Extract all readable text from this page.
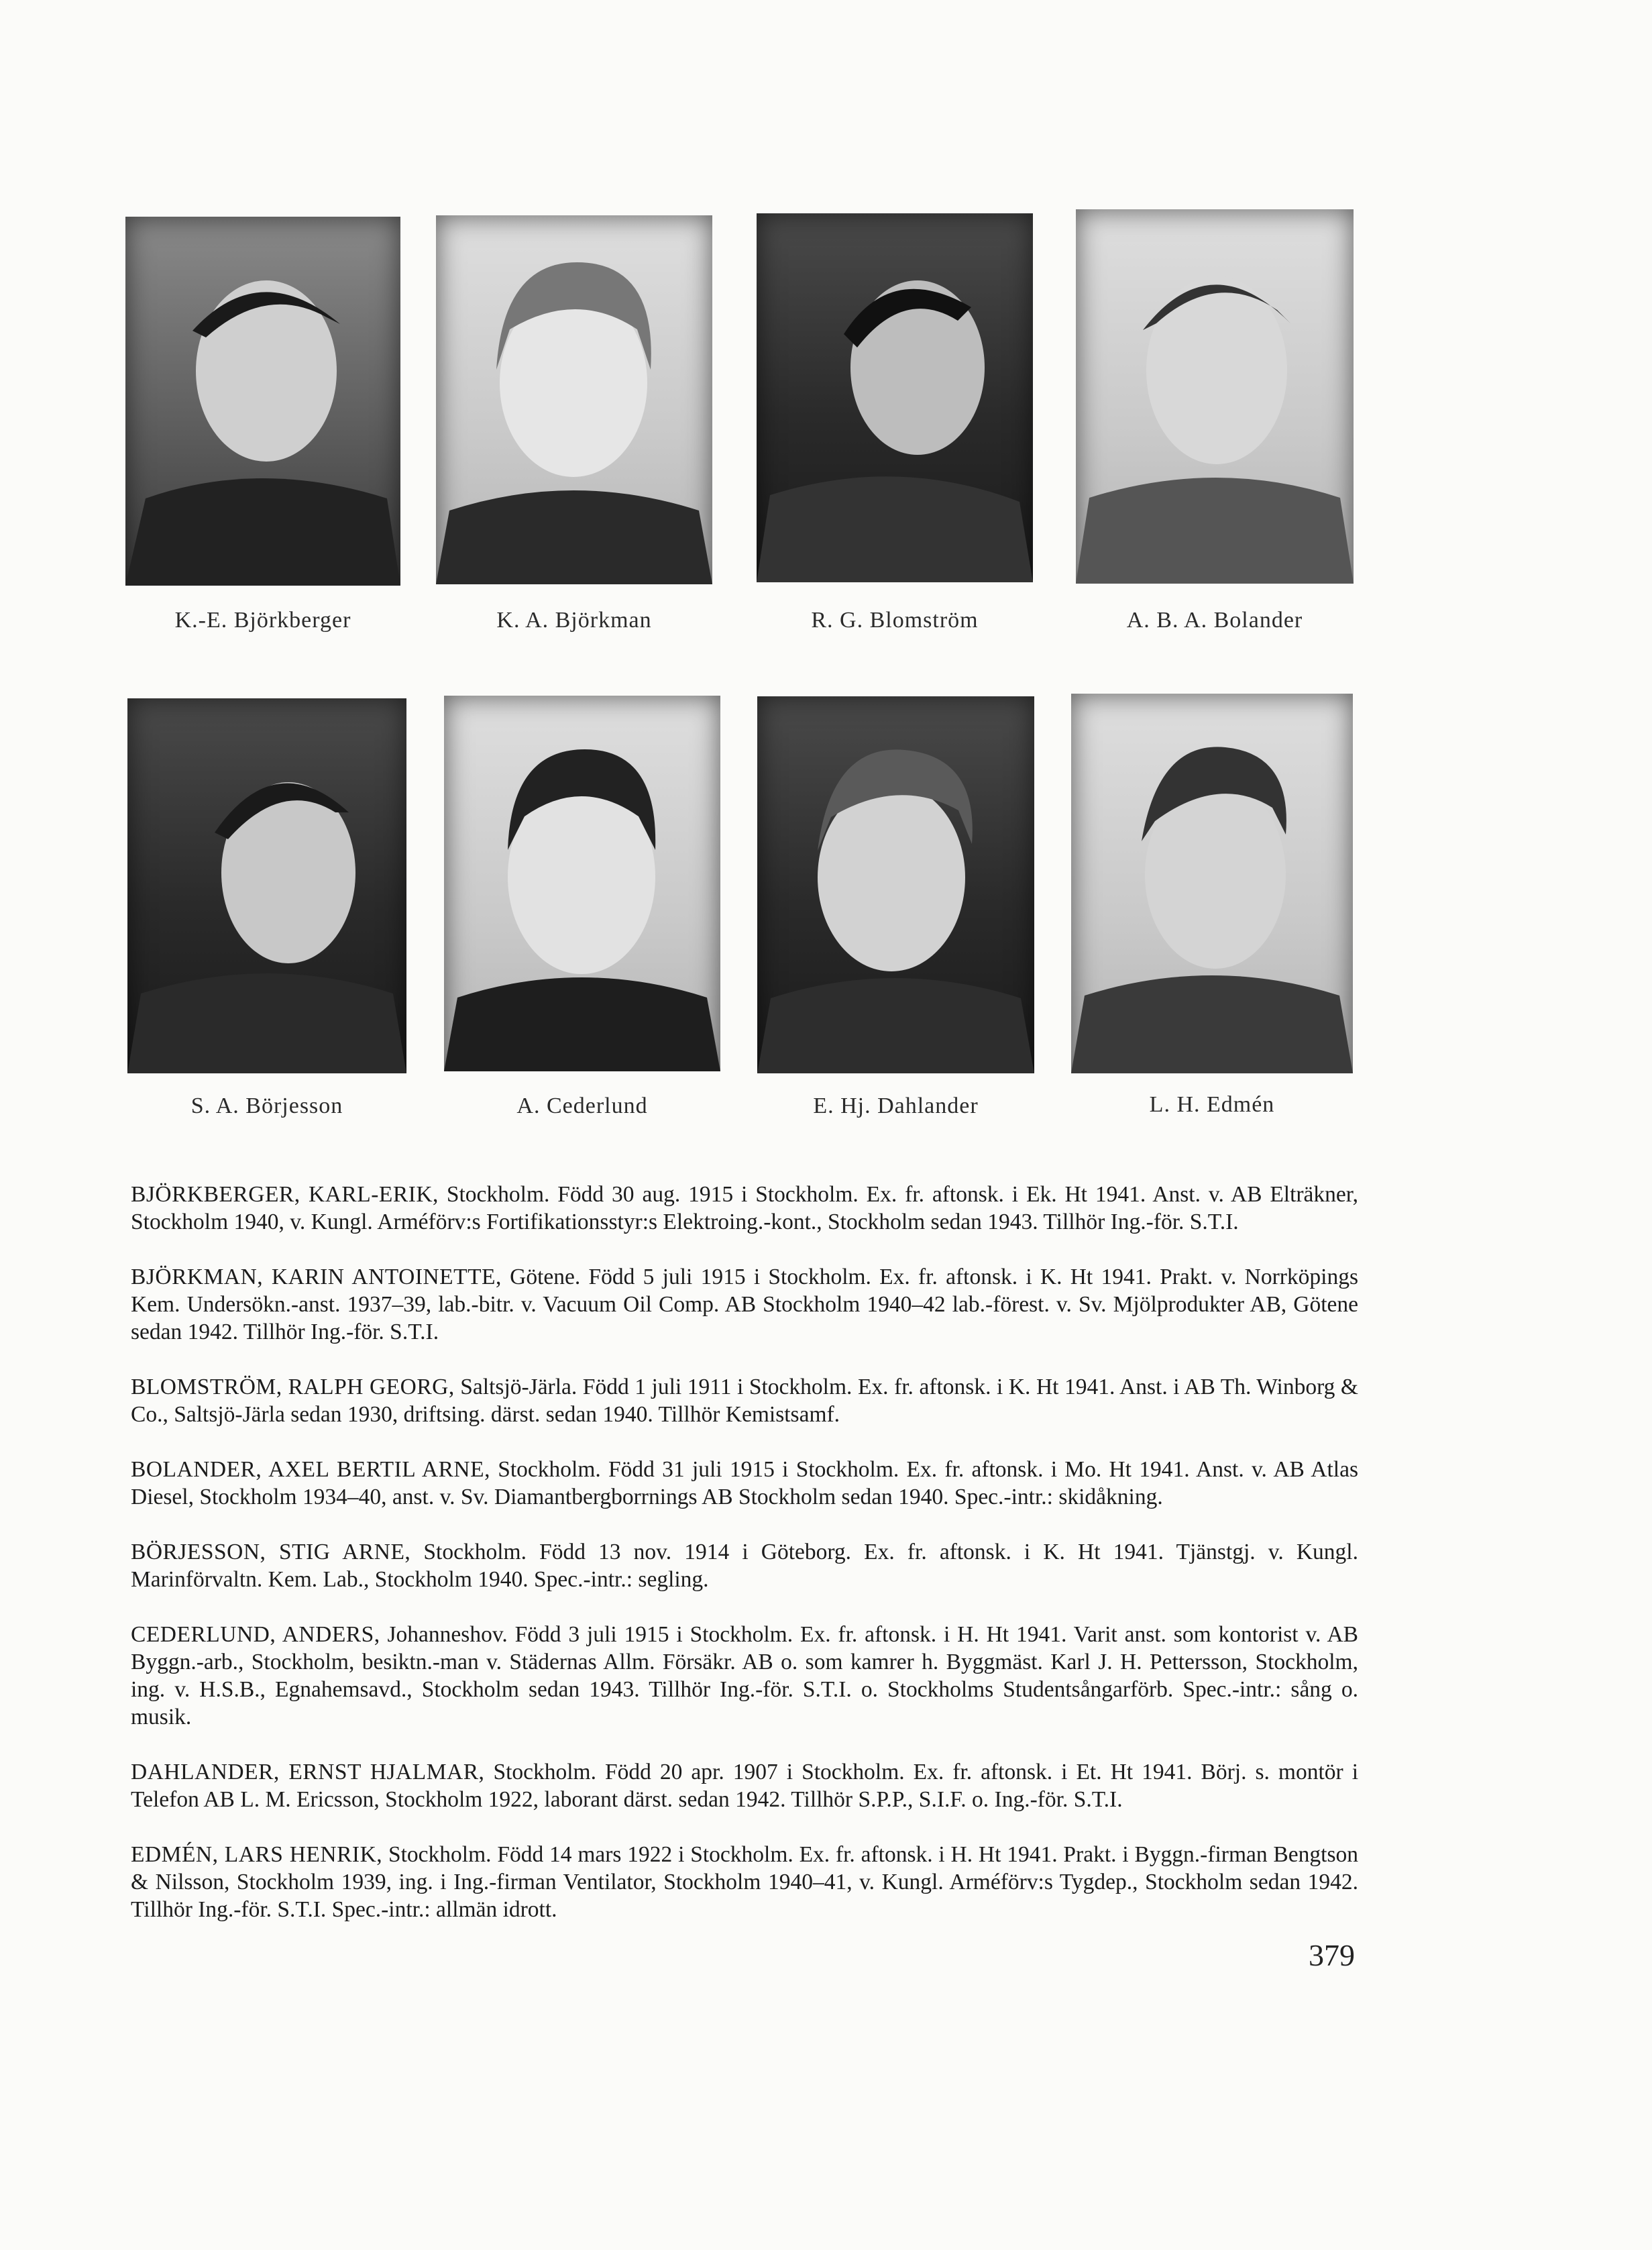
K.-E. Björkberger	K. A. Björkman	R. G. Blomström	A. B. A. Bolander
S. A. Börjesson	A. Cederlund	E. Hj. Dahlander	L. H. Edmén

BJÖRKBERGER, KARL-ERIK, Stockholm. Född 30 aug. 1915 i Stockholm. Ex. fr. aftonsk. i Ek. Ht 1941. Anst. v. AB Elträkner, Stockholm 1940, v. Kungl. Arméförv:s Fortifikationsstyr:s Elektroing.-kont., Stockholm sedan 1943. Tillhör Ing.-för. S.T.I.

BJÖRKMAN, KARIN ANTOINETTE, Götene. Född 5 juli 1915 i Stockholm. Ex. fr. aftonsk. i K. Ht 1941. Prakt. v. Norrköpings Kem. Undersökn.-anst. 1937–39, lab.-bitr. v. Vacuum Oil Comp. AB Stockholm 1940–42 lab.-förest. v. Sv. Mjölprodukter AB, Götene sedan 1942. Tillhör Ing.-för. S.T.I.

BLOMSTRÖM, RALPH GEORG, Saltsjö-Järla. Född 1 juli 1911 i Stockholm. Ex. fr. aftonsk. i K. Ht 1941. Anst. i AB Th. Winborg & Co., Saltsjö-Järla sedan 1930, driftsing. därst. sedan 1940. Tillhör Kemistsamf.

BOLANDER, AXEL BERTIL ARNE, Stockholm. Född 31 juli 1915 i Stockholm. Ex. fr. aftonsk. i Mo. Ht 1941. Anst. v. AB Atlas Diesel, Stockholm 1934–40, anst. v. Sv. Diamantbergborrnings AB Stockholm sedan 1940. Spec.-intr.: skidåkning.

BÖRJESSON, STIG ARNE, Stockholm. Född 13 nov. 1914 i Göteborg. Ex. fr. aftonsk. i K. Ht 1941. Tjänstgj. v. Kungl. Marinförvaltn. Kem. Lab., Stockholm 1940. Spec.-intr.: segling.

CEDERLUND, ANDERS, Johanneshov. Född 3 juli 1915 i Stockholm. Ex. fr. aftonsk. i H. Ht 1941. Varit anst. som kontorist v. AB Byggn.-arb., Stockholm, besiktn.-man v. Städernas Allm. Försäkr. AB o. som kamrer h. Byggmäst. Karl J. H. Pettersson, Stockholm, ing. v. H.S.B., Egnahemsavd., Stockholm sedan 1943. Tillhör Ing.-för. S.T.I. o. Stockholms Studentsångarförb. Spec.-intr.: sång o. musik.

DAHLANDER, ERNST HJALMAR, Stockholm. Född 20 apr. 1907 i Stockholm. Ex. fr. aftonsk. i Et. Ht 1941. Börj. s. montör i Telefon AB L. M. Ericsson, Stockholm 1922, laborant därst. sedan 1942. Tillhör S.P.P., S.I.F. o. Ing.-för. S.T.I.

EDMÉN, LARS HENRIK, Stockholm. Född 14 mars 1922 i Stockholm. Ex. fr. aftonsk. i H. Ht 1941. Prakt. i Byggn.-firman Bengtson & Nilsson, Stockholm 1939, ing. i Ing.-firman Ventilator, Stockholm 1940–41, v. Kungl. Arméförv:s Tygdep., Stockholm sedan 1942. Tillhör Ing.-för. S.T.I. Spec.-intr.: allmän idrott.

379
